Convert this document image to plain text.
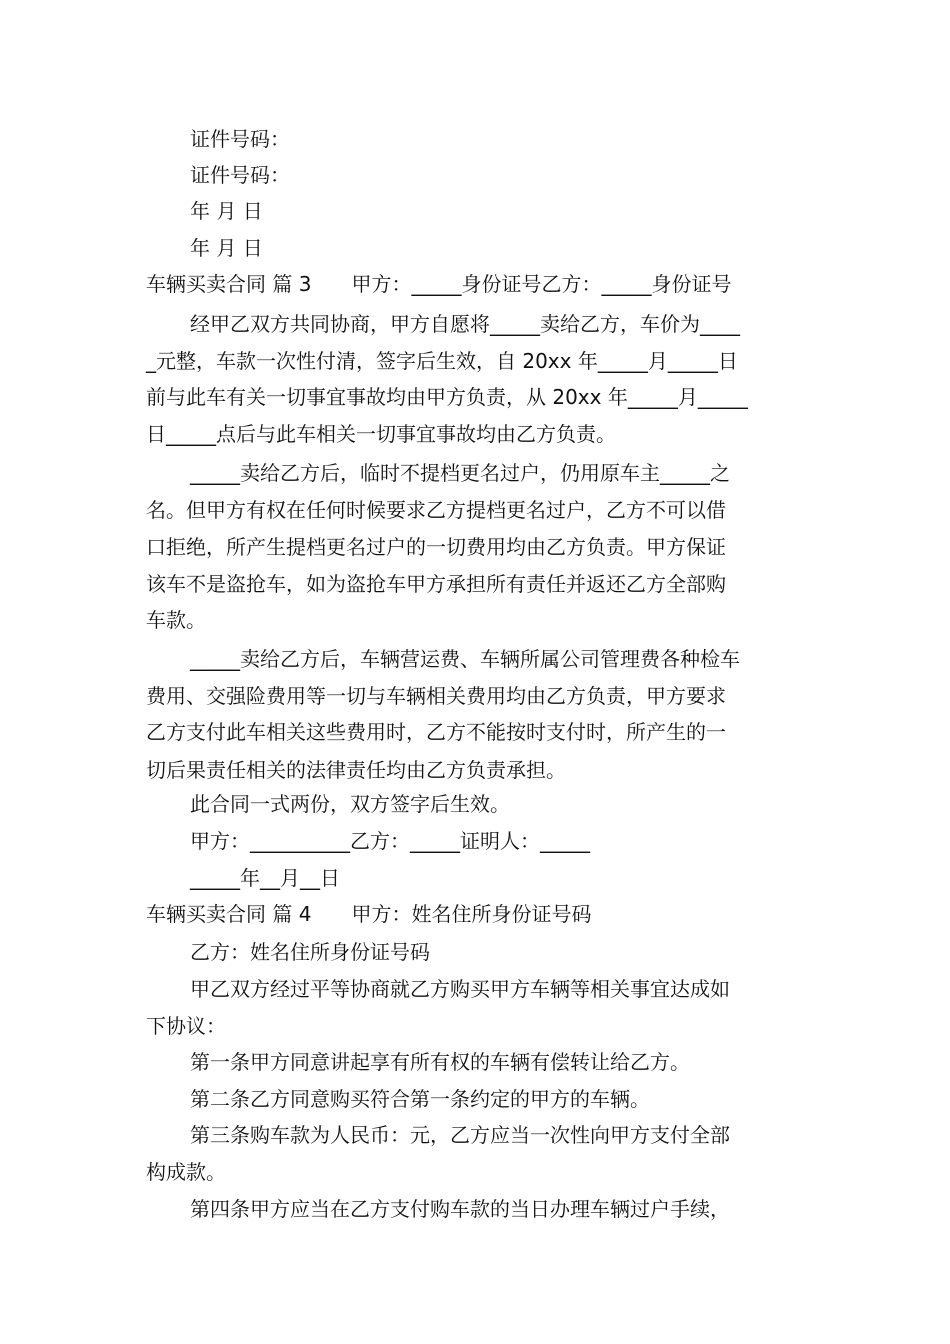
证件号码：
证件号码：
年 月 日
年 月 日
车辆买卖合同 篇 3　　甲方：_____身份证号乙方：_____身份证号
经甲乙双方共同协商，甲方自愿将_____卖给乙方，车价为____
_元整，车款一次性付清，签字后生效，自 20xx 年_____月_____日
前与此车有关一切事宜事故均由甲方负责，从 20xx 年_____月_____
日_____点后与此车相关一切事宜事故均由乙方负责。
_____卖给乙方后，临时不提档更名过户，仍用原车主_____之
名。但甲方有权在任何时候要求乙方提档更名过户，乙方不可以借
口拒绝，所产生提档更名过户的一切费用均由乙方负责。甲方保证
该车不是盗抢车，如为盗抢车甲方承担所有责任并返还乙方全部购
车款。
_____卖给乙方后，车辆营运费、车辆所属公司管理费各种检车
费用、交强险费用等一切与车辆相关费用均由乙方负责，甲方要求
乙方支付此车相关这些费用时，乙方不能按时支付时，所产生的一
切后果责任相关的法律责任均由乙方负责承担。
此合同一式两份，双方签字后生效。
甲方：__________乙方：_____证明人：_____
_____年__月__日
车辆买卖合同 篇 4　　甲方：姓名住所身份证号码
乙方：姓名住所身份证号码
甲乙双方经过平等协商就乙方购买甲方车辆等相关事宜达成如
下协议：
第一条甲方同意讲起享有所有权的车辆有偿转让给乙方。
第二条乙方同意购买符合第一条约定的甲方的车辆。
第三条购车款为人民币：元，乙方应当一次性向甲方支付全部
构成款。
第四条甲方应当在乙方支付购车款的当日办理车辆过户手续，
